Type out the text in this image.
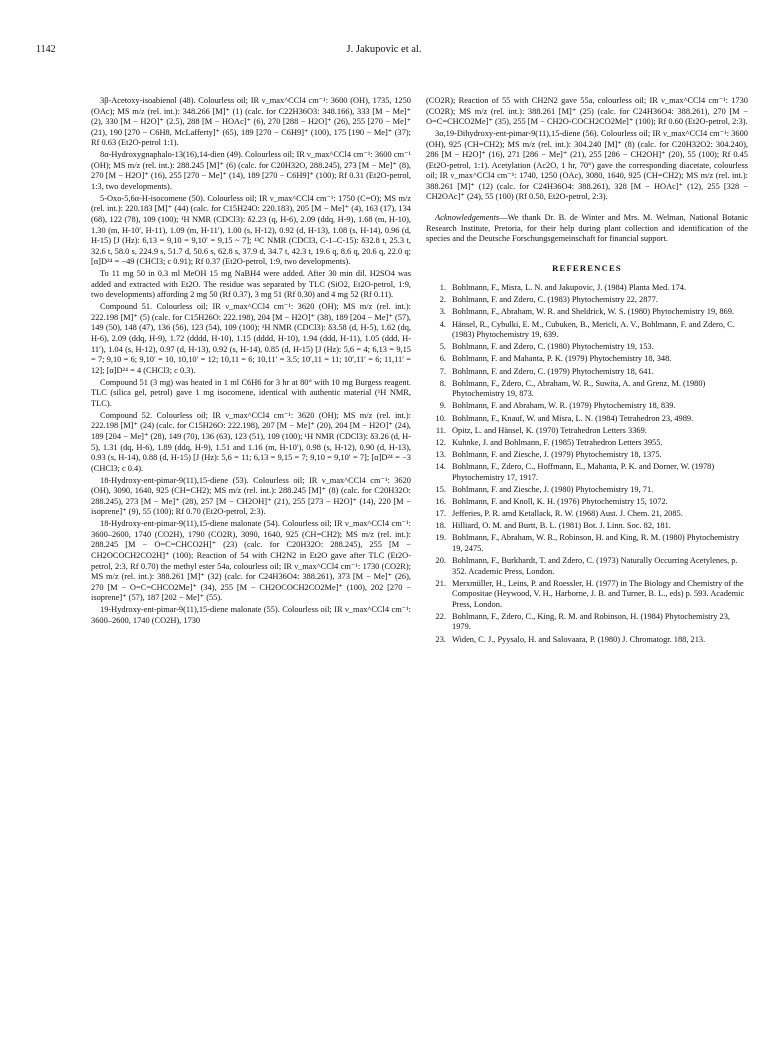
1142	J. Jakupovic et al.

3β-Acetoxy-isoabienol (48). Colourless oil; IR ν_max^CCl4 cm⁻¹: 3600 (OH), 1735, 1250 (OAc); MS m/z (rel. int.): 348.266 [M]⁺ (1) (calc. for C22H36O3: 348.166), 333 [M − Me]⁺ (2), 330 [M − H2O]⁺ (2.5), 288 [M − HOAc]⁺ (6), 270 [288 − H2O]⁺ (26), 255 [270 − Me]⁺ (21), 190 [270 − C6H8, McLafferty]⁺ (65), 189 [270 − C6H9]⁺ (100), 175 [190 − Me]⁺ (37); Rf 0.63 (Et2O-petrol 1:1).

8α-Hydroxygnaphalo-13(16),14-dien (49). Colourless oil; IR ν_max^CCl4 cm⁻¹: 3600 cm⁻¹ (OH); MS m/z (rel. int.): 288.245 [M]⁺ (6) (calc. for C20H32O, 288.245), 273 [M − Me]⁺ (8), 270 [M − H2O]⁺ (16), 255 [270 − Me]⁺ (14), 189 [270 − C6H9]⁺ (100); Rf 0.31 (Et2O-petrol, 1:3, two developments).

5-Oxo-5,6α-H-isocomene (50). Colourless oil; IR ν_max^CCl4 cm⁻¹: 1750 (C=O); MS m/z (rel. int.): 220.183 [M]⁺ (44) (calc. for C15H24O: 220.183), 205 [M − Me]⁺ (4), 163 (17), 134 (68), 122 (78), 109 (100); ¹H NMR (CDCl3): δ2.23 (q, H-6), 2.09 (ddq, H-9), 1.68 (m, H-10), 1.30 (m, H-10′, H-11), 1.09 (m, H-11′), 1.00 (s, H-12), 0.92 (d, H-13), 1.08 (s, H-14), 0.96 (d, H-15) [J (Hz): 6,13 = 9,10 = 9,10′ = 9,15 ~ 7]; ¹³C NMR (CDCl3, C-1–C-15): δ32.8 t, 25.3 t, 32.6 t, 58.0 s, 224.9 s, 51.7 d, 50.6 s, 62.8 s, 37.9 d, 34.7 t, 42.3 t, 19.6 q, 8.6 q, 20.6 q, 22.0 q; [α]D²⁴ = −49 (CHCl3; c 0.91); Rf 0.37 (Et2O-petrol, 1:9, two developments).

To 11 mg 50 in 0.3 ml MeOH 15 mg NaBH4 were added. After 30 min dil. H2SO4 was added and extracted with Et2O. The residue was separated by TLC (SiO2, Et2O-petrol, 1:9, two developments) affording 2 mg 50 (Rf 0.37), 3 mg 51 (Rf 0.30) and 4 mg 52 (Rf 0.11).

Compound 51. Colourless oil; IR ν_max^CCl4 cm⁻¹: 3620 (OH); MS m/z (rel. int.): 222.198 [M]⁺ (5) (calc. for C15H26O: 222.198), 204 [M − H2O]⁺ (38), 189 [204 − Me]⁺ (57), 149 (50), 148 (47), 136 (56), 123 (54), 109 (100); ¹H NMR (CDCl3): δ3.58 (d, H-5), 1.62 (dq, H-6), 2.09 (ddq, H-9), 1.72 (dddd, H-10), 1.15 (dddd, H-10), 1.94 (ddd, H-11), 1.05 (ddd, H-11′), 1.04 (s, H-12), 0.97 (d, H-13), 0.92 (s, H-14), 0.85 (d, H-15) [J (Hz): 5,6 = 4; 6,13 = 9,15 = 7; 9,10 = 6; 9,10′ = 10, 10,10′ = 12; 10,11 = 6; 10,11′ = 3.5; 10′,11 = 11; 10′,11′ = 6; 11,11′ = 12]; [α]D²⁴ = 4 (CHCl3; c 0.3).

Compound 51 (3 mg) was heated in 1 ml C6H6 for 3 hr at 80° with 10 mg Burgess reagent. TLC (silica gel, petrol) gave 1 mg isocomene, identical with authentic material (¹H NMR, TLC).

Compound 52. Colourless oil; IR ν_max^CCl4 cm⁻¹: 3620 (OH); MS m/z (rel. int.): 222.198 [M]⁺ (24) (calc. for C15H26O: 222.198), 207 [M − Me]⁺ (20), 204 [M − H2O]⁺ (24), 189 [204 − Me]⁺ (28), 149 (70), 136 (63), 123 (51), 109 (100); ¹H NMR (CDCl3): δ3.26 (d, H-5), 1.31 (dq, H-6), 1.89 (ddq, H-9), 1.51 and 1.16 (m, H-10′), 0.98 (s, H-12), 0.90 (d, H-13), 0.93 (s, H-14), 0.88 (d, H-15) [J (Hz): 5,6 = 11; 6,13 = 9,15 = 7; 9,10 = 9,10′ = 7]; [α]D²⁴ = −3 (CHCl3; c 0.4).

18-Hydroxy-ent-pimar-9(11),15-diene (53). Colourless oil; IR ν_max^CCl4 cm⁻¹: 3620 (OH), 3090, 1640, 925 (CH=CH2); MS m/z (rel. int.): 288.245 [M]⁺ (8) (calc. for C20H32O: 288.245), 273 [M − Me]⁺ (28), 257 [M − CH2OH]⁺ (21), 255 [273 − H2O]⁺ (14), 220 [M − isoprene]⁺ (9), 55 (100); Rf 0.70 (Et2O-petrol, 2:3).

18-Hydroxy-ent-pimar-9(11),15-diene malonate (54). Colourless oil; IR ν_max^CCl4 cm⁻¹: 3600–2600, 1740 (CO2H), 1790 (CO2R), 3090, 1640, 925 (CH=CH2); MS m/z (rel. int.): 288.245 [M − O=C=CHCO2H]⁺ (23) (calc. for C20H32O: 288.245), 255 [M − CH2OCOCH2CO2H]⁺ (100); Reaction of 54 with CH2N2 in Et2O gave after TLC (Et2O-petrol, 2:3, Rf 0.70) the methyl ester 54a, colourless oil; IR ν_max^CCl4 cm⁻¹: 1730 (CO2R); MS m/z (rel. int.): 388.261 [M]⁺ (32) (calc. for C24H36O4: 388.261), 373 [M − Me]⁺ (26), 270 [M − O=C=CHCO2Me]⁺ (34), 255 [M − CH2OCOCH2CO2Me]⁺ (100), 202 [270 − isoprene]⁺ (57), 187 [202 − Me]⁺ (55).

19-Hydroxy-ent-pimar-9(11),15-diene malonate (55). Colourless oil; IR ν_max^CCl4 cm⁻¹: 3600–2600, 1740 (CO2H), 1730

(CO2R); Reaction of 55 with CH2N2 gave 55a, colourless oil; IR ν_max^CCl4 cm⁻¹: 1730 (CO2R); MS m/z (rel. int.): 388.261 [M]⁺ (25) (calc. for C24H36O4: 388.261), 270 [M − O=C=CHCO2Me]⁺ (35), 255 [M − CH2O-COCH2CO2Me]⁺ (100); Rf 0.60 (Et2O-petrol, 2:3).

3α,19-Dihydroxy-ent-pimar-9(11),15-diene (56). Colourless oil; IR ν_max^CCl4 cm⁻¹: 3600 (OH), 925 (CH=CH2); MS m/z (rel. int.): 304.240 [M]⁺ (8) (calc. for C20H32O2: 304.240), 286 [M − H2O]⁺ (16), 271 [286 − Me]⁺ (21), 255 [286 − CH2OH]⁺ (20), 55 (100); Rf 0.45 (Et2O-petrol, 1:1). Acetylation (Ac2O, 1 hr, 70°) gave the corresponding diacetate, colourless oil; IR ν_max^CCl4 cm⁻¹: 1740, 1250 (OAc), 3080, 1640, 925 (CH=CH2); MS m/z (rel. int.): 388.261 [M]⁺ (12) (calc. for C24H36O4: 388.261), 328 [M − HOAc]⁺ (12), 255 [328 − CH2OAc]⁺ (24), 55 (100) (Rf 0.50, Et2O-petrol, 2:3).

Acknowledgements—We thank Dr. B. de Winter and Mrs. M. Welman, National Botanic Research Institute, Pretoria, for their help during plant collection and identification of the species and the Deutsche Forschungsgemeinschaft for financial support.

REFERENCES
1. Bohlmann, F., Misra, L. N. and Jakupovic, J. (1984) Planta Med. 174.
2. Bohlmann, F. and Zdero, C. (1983) Phytochemistry 22, 2877.
3. Bohlmann, F., Abraham, W. R. and Sheldrick, W. S. (1980) Phytochemistry 19, 869.
4. Hänsel, R., Cybulki, E. M., Cubuken, B., Mericli, A. V., Bohlmann, F. and Zdero, C. (1983) Phytochemistry 19, 639.
5. Bohlmann, F. and Zdero, C. (1980) Phytochemistry 19, 153.
6. Bohlmann, F. and Mahanta, P. K. (1979) Phytochemistry 18, 348.
7. Bohlmann, F. and Zdero, C. (1979) Phytochemistry 18, 641.
8. Bohlmann, F., Zdero, C., Abraham, W. R., Suwita, A. and Grenz, M. (1980) Phytochemistry 19, 873.
9. Bohlmann, F. and Abraham, W. R. (1979) Phytochemistry 18, 839.
10. Bohlmann, F., Knauf, W. and Misra, L. N. (1984) Tetrahedron 23, 4989.
11. Opitz, L. and Hänsel, K. (1970) Tetrahedron Letters 3369.
12. Kuhnke, J. and Bohlmann, F. (1985) Tetrahedron Letters 3955.
13. Bohlmann, F. and Ziesche, J. (1979) Phytochemistry 18, 1375.
14. Bohlmann, F., Zdero, C., Hoffmann, E., Mahanta, P. K. and Dorner, W. (1978) Phytochemistry 17, 1917.
15. Bohlmann, F. and Ziesche, J. (1980) Phytochemistry 19, 71.
16. Bohlmann, F. and Knoll, K. H. (1976) Phytochemistry 15, 1072.
17. Jefferies, P. R. amd Ketallack, R. W. (1968) Aust. J. Chem. 21, 2085.
18. Hilliard, O. M. and Burtt, B. L. (1981) Bot. J. Linn. Soc. 82, 181.
19. Bohlmann, F., Abraham, W. R., Robinson, H. and King, R. M. (1980) Phytochemistry 19, 2475.
20. Bohlmann, F., Burkhardt, T. and Zdero, C. (1973) Naturally Occurring Acetylenes, p. 352. Academic Press, London.
21. Merxmüller, H., Leins, P. and Roessler, H. (1977) in The Biology and Chemistry of the Compositae (Heywood, V. H., Harborne, J. B. and Turner, B. L., eds) p. 593. Academic Press, London.
22. Bohlmann, F., Zdero, C., King, R. M. and Robinson, H. (1984) Phytochemistry 23, 1979.
23. Widen, C. J., Pyysalo, H. and Salovaara, P. (1980) J. Chromatogr. 188, 213.
